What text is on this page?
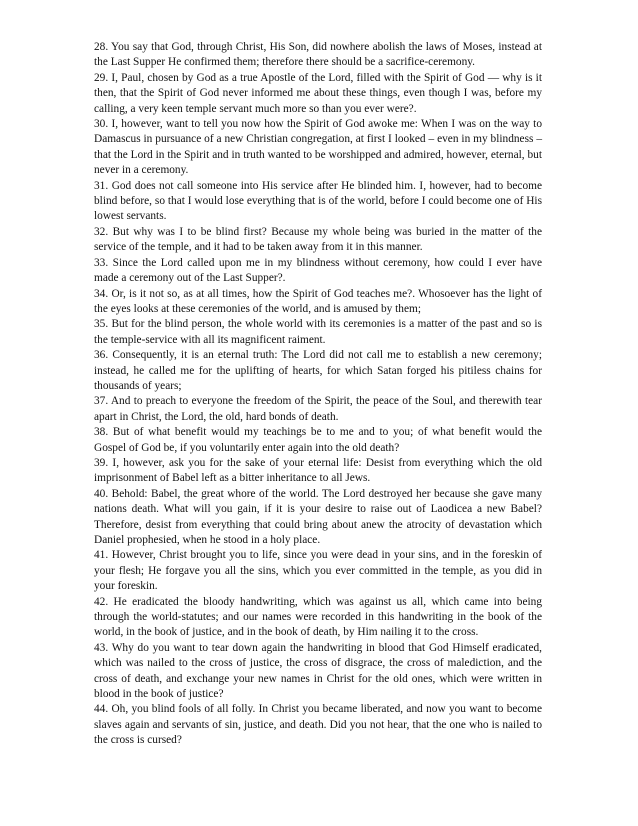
28. You say that God, through Christ, His Son, did nowhere abolish the laws of Moses, instead at the Last Supper He confirmed them; therefore there should be a sacrifice-ceremony.

29. I, Paul, chosen by God as a true Apostle of the Lord, filled with the Spirit of God — why is it then, that the Spirit of God never informed me about these things, even though I was, before my calling, a very keen temple servant much more so than you ever were?.

30. I, however, want to tell you now how the Spirit of God awoke me: When I was on the way to Damascus in pursuance of a new Christian congregation, at first I looked – even in my blindness – that the Lord in the Spirit and in truth wanted to be worshipped and admired, however, eternal, but never in a ceremony.

31. God does not call someone into His service after He blinded him. I, however, had to become blind before, so that I would lose everything that is of the world, before I could become one of His lowest servants.

32. But why was I to be blind first? Because my whole being was buried in the matter of the service of the temple, and it had to be taken away from it in this manner.

33. Since the Lord called upon me in my blindness without ceremony, how could I ever have made a ceremony out of the Last Supper?.

34. Or, is it not so, as at all times, how the Spirit of God teaches me?. Whosoever has the light of the eyes looks at these ceremonies of the world, and is amused by them;

35. But for the blind person, the whole world with its ceremonies is a matter of the past and so is the temple-service with all its magnificent raiment.

36. Consequently, it is an eternal truth: The Lord did not call me to establish a new ceremony; instead, he called me for the uplifting of hearts, for which Satan forged his pitiless chains for thousands of years;

37. And to preach to everyone the freedom of the Spirit, the peace of the Soul, and therewith tear apart in Christ, the Lord, the old, hard bonds of death.

38. But of what benefit would my teachings be to me and to you; of what benefit would the Gospel of God be, if you voluntarily enter again into the old death?

39. I, however, ask you for the sake of your eternal life: Desist from everything which the old imprisonment of Babel left as a bitter inheritance to all Jews.

40. Behold: Babel, the great whore of the world. The Lord destroyed her because she gave many nations death. What will you gain, if it is your desire to raise out of Laodicea a new Babel? Therefore, desist from everything that could bring about anew the atrocity of devastation which Daniel prophesied, when he stood in a holy place.

41. However, Christ brought you to life, since you were dead in your sins, and in the foreskin of your flesh; He forgave you all the sins, which you ever committed in the temple, as you did in your foreskin.

42. He eradicated the bloody handwriting, which was against us all, which came into being through the world-statutes; and our names were recorded in this handwriting in the book of the world, in the book of justice, and in the book of death, by Him nailing it to the cross.

43. Why do you want to tear down again the handwriting in blood that God Himself eradicated, which was nailed to the cross of justice, the cross of disgrace, the cross of malediction, and the cross of death, and exchange your new names in Christ for the old ones, which were written in blood in the book of justice?

44. Oh, you blind fools of all folly. In Christ you became liberated, and now you want to become slaves again and servants of sin, justice, and death. Did you not hear, that the one who is nailed to the cross is cursed?
